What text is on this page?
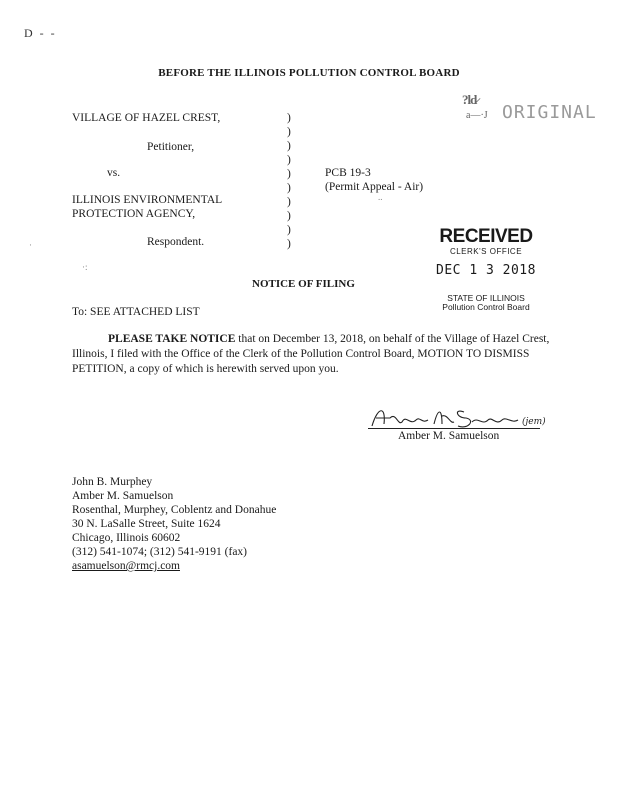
D - -
BEFORE THE ILLINOIS POLLUTION CONTROL BOARD
VILLAGE OF HAZEL CREST,
Petitioner,
vs.
ILLINOIS ENVIRONMENTAL
PROTECTION AGENCY,
Respondent.
)
)
)
)
)
)
)
)
)
)
PCB 19-3
(Permit Appeal - Air)
?ld̷
a—·J ORIGINAL
RECEIVED
CLERK'S OFFICE
DEC 1 3 2018
STATE OF ILLINOIS
Pollution Control Board
NOTICE OF FILING
To: SEE ATTACHED LIST
PLEASE TAKE NOTICE that on December 13, 2018, on behalf of the Village of Hazel Crest, Illinois, I filed with the Office of the Clerk of the Pollution Control Board, MOTION TO DISMISS PETITION, a copy of which is herewith served upon you.
(jem)
Amber M. Samuelson
John B. Murphey
Amber M. Samuelson
Rosenthal, Murphey, Coblentz and Donahue
30 N. LaSalle Street, Suite 1624
Chicago, Illinois 60602
(312) 541-1074; (312) 541-9191 (fax)
asamuelson@rmcj.com
·:
·
..
